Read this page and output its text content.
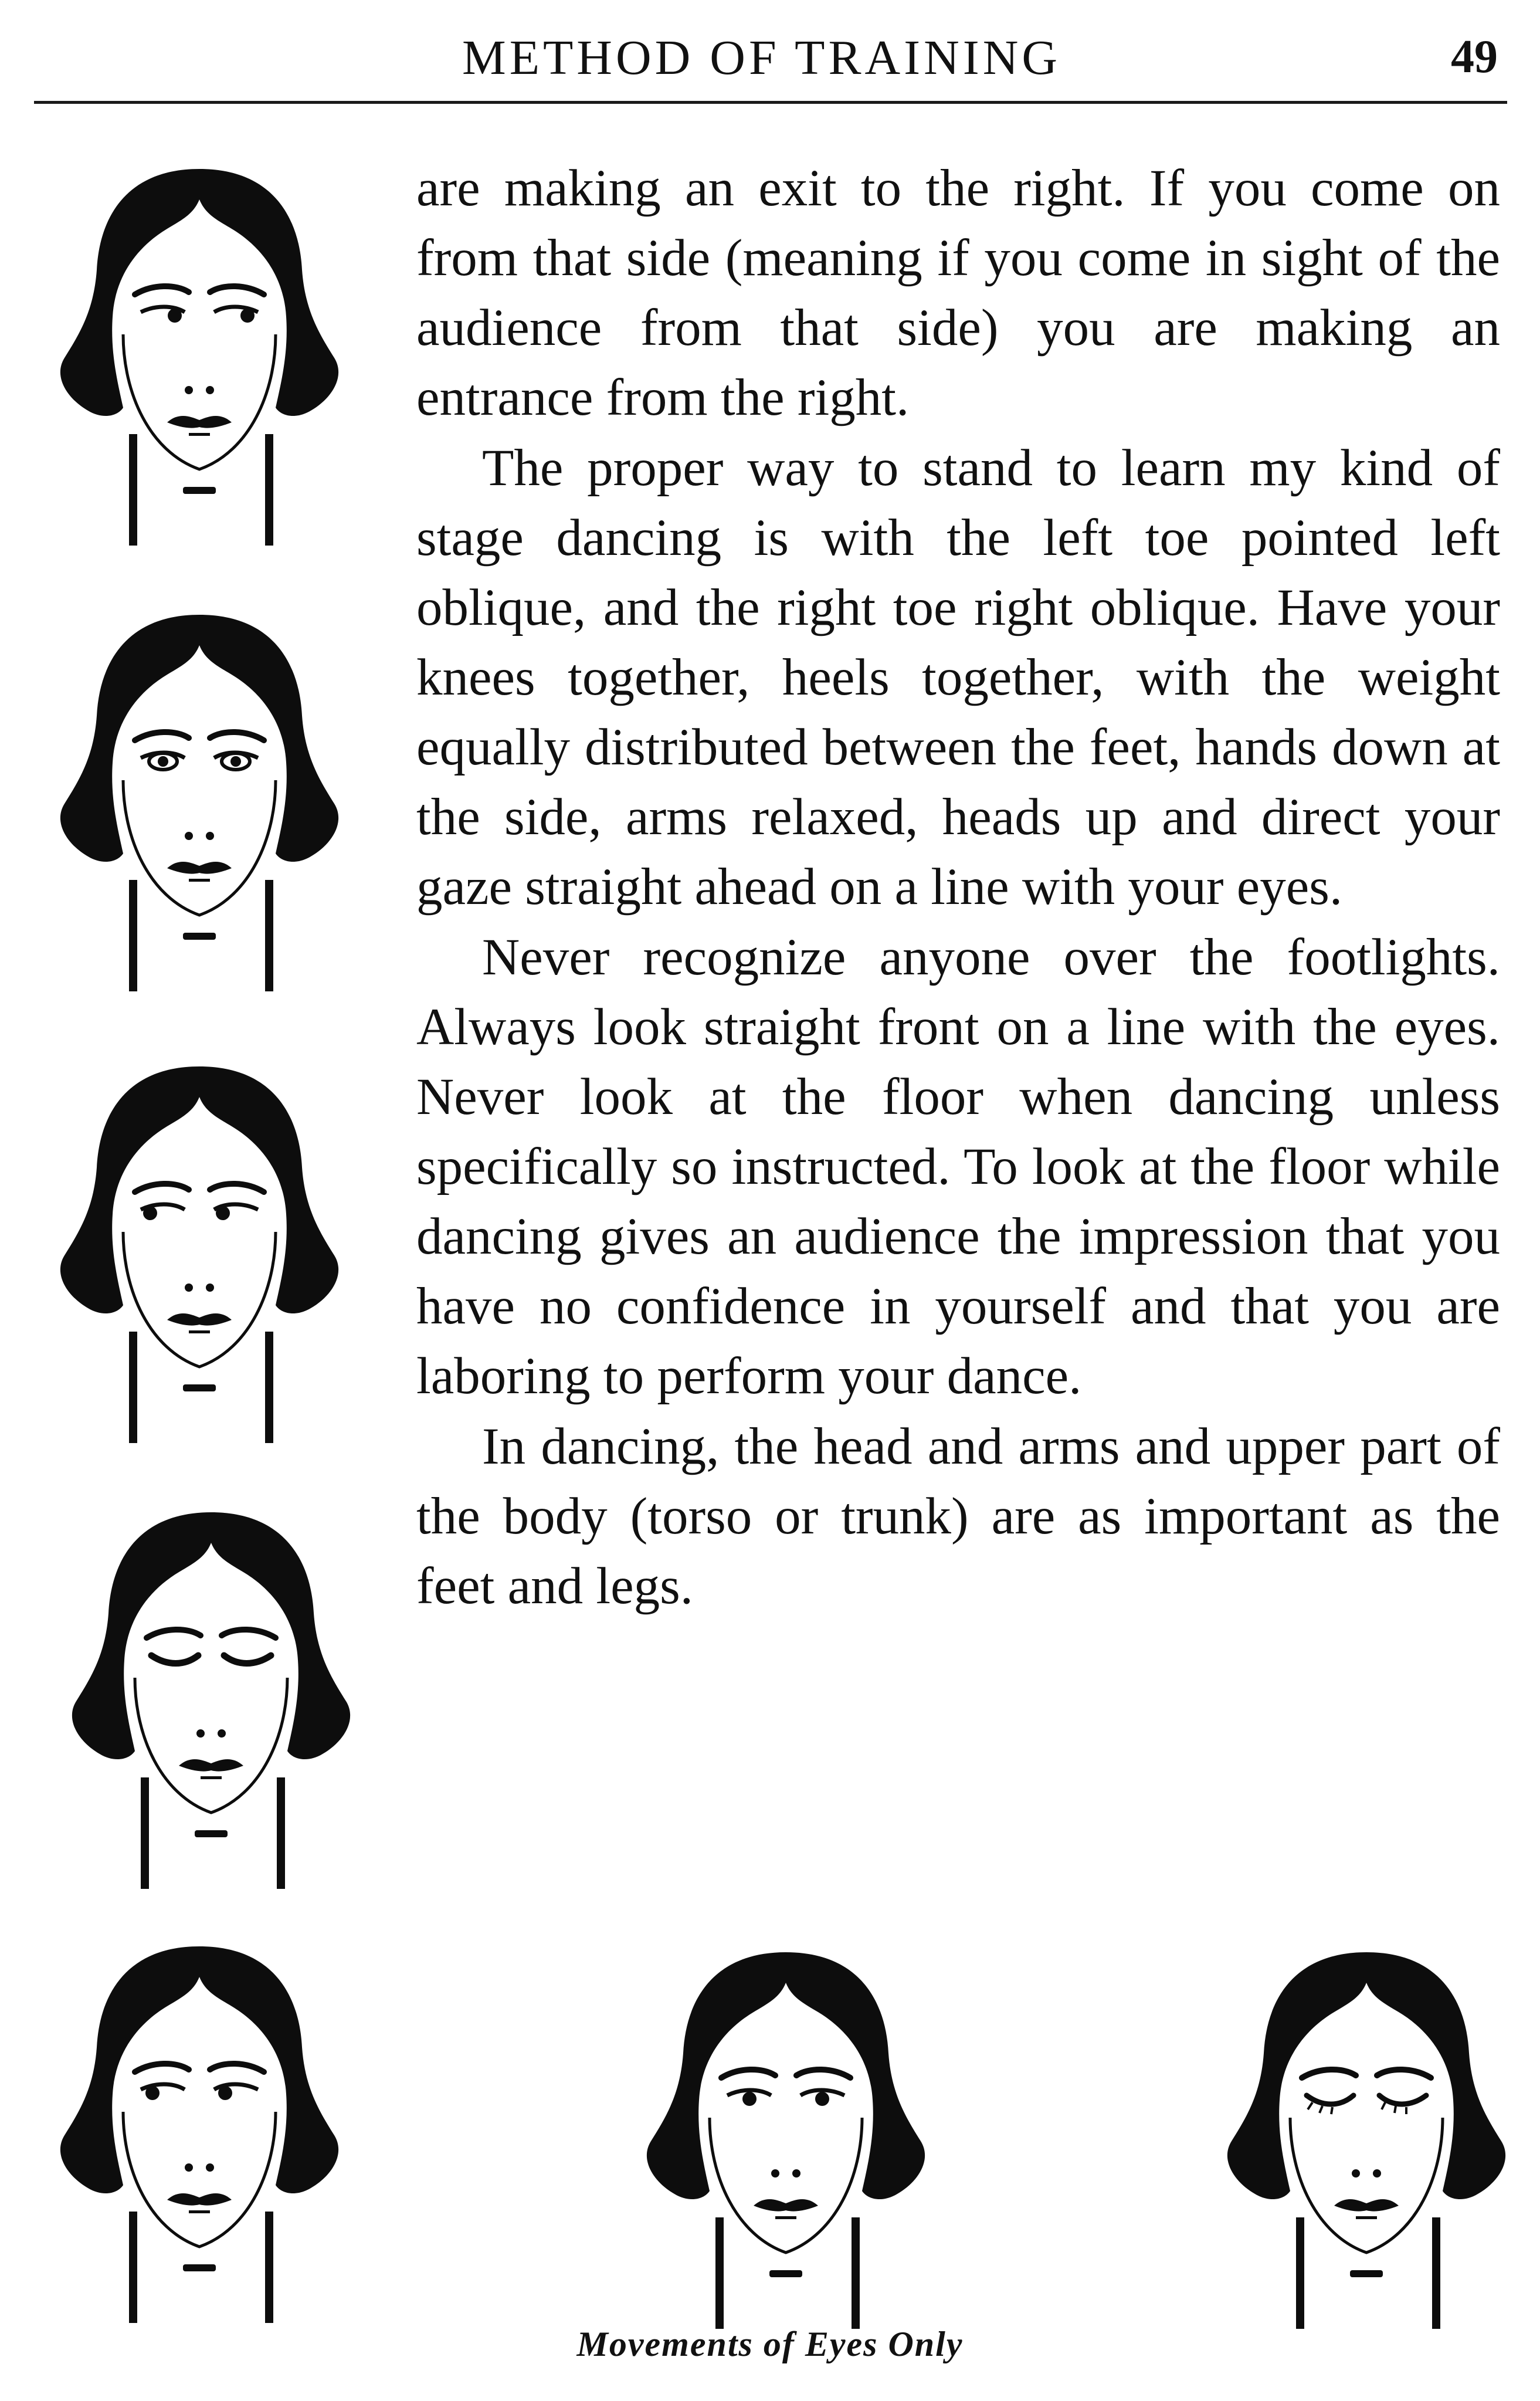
METHOD OF TRAINING	49

are making an exit to the right. If you come on from that side (meaning if you come in sight of the audience from that side) you are making an entrance from the right.

The proper way to stand to learn my kind of stage dancing is with the left toe pointed left oblique, and the right toe right oblique. Have your knees together, heels together, with the weight equally distributed between the feet, hands down at the side, arms relaxed, heads up and direct your gaze straight ahead on a line with your eyes.

Never recognize anyone over the footlights. Always look straight front on a line with the eyes. Never look at the floor when dancing unless specifically so instructed. To look at the floor while dancing gives an audience the impression that you have no confidence in yourself and that you are laboring to perform your dance.

In dancing, the head and arms and upper part of the body (torso or trunk) are as important as the feet and legs.

Movements of Eyes Only
